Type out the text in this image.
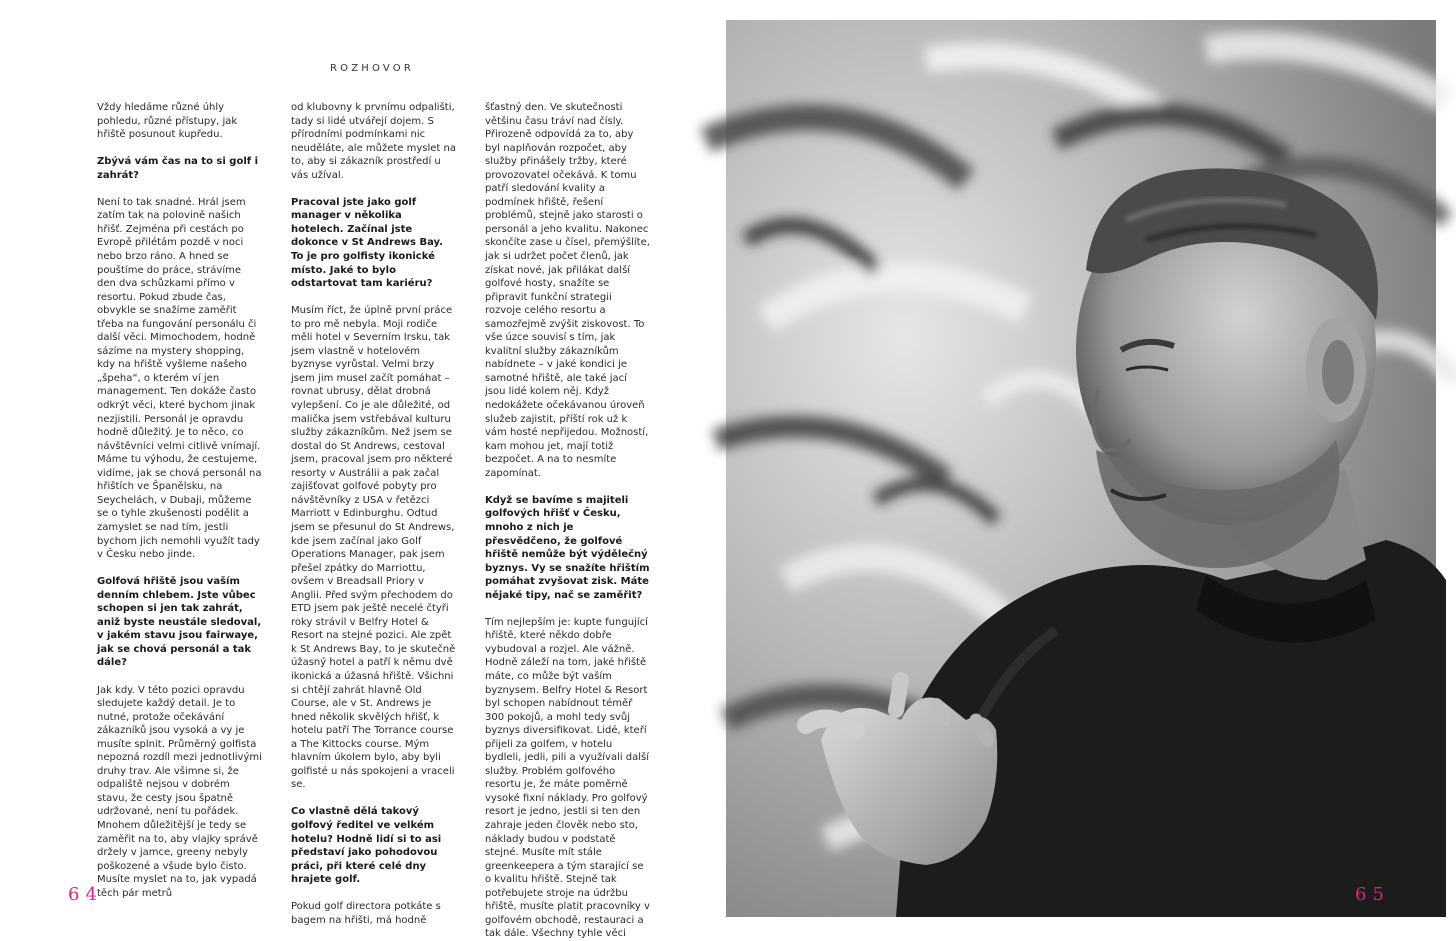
ROZHOVOR

Vždy hledáme různé úhly pohledu, různé přístupy, jak hřiště posunout kupředu.

Zbývá vám čas na to si golf i zahrát?

Není to tak snadné. Hrál jsem zatím tak na polovině našich hřišť. Zejména při cestách po Evropě přilétám pozdě v noci nebo brzo ráno. A hned se pouštíme do práce, strávíme den dva schůzkami přímo v resortu. Pokud zbude čas, obvykle se snažíme zaměřit třeba na fungování personálu či další věci. Mimochodem, hodně sázíme na mystery shopping, kdy na hřiště vyšleme našeho „špeha“, o kterém ví jen management. Ten dokáže často odkrýt věci, které bychom jinak nezjistili. Personál je opravdu hodně důležitý. Je to něco, co návštěvníci velmi citlivě vnímají. Máme tu výhodu, že cestujeme, vidíme, jak se chová personál na hřištích ve Španělsku, na Seychelách, v Dubaji, můžeme se o tyhle zkušenosti podělit a zamyslet se nad tím, jestli bychom jich nemohli využít tady v Česku nebo jinde.

Golfová hřiště jsou vaším denním chlebem. Jste vůbec schopen si jen tak zahrát, aniž byste neustále sledoval, v jakém stavu jsou fairwaye, jak se chová personál a tak dále?

Jak kdy. V této pozici opravdu sledujete každý detail. Je to nutné, protože očekávání zákazníků jsou vysoká a vy je musíte splnit. Průměrný golfista nepozná rozdíl mezi jednotlivými druhy trav. Ale všimne si, že odpaliště nejsou v dobrém stavu, že cesty jsou špatně udržované, není tu pořádek. Mnohem důležitější je tedy se zaměřit na to, aby vlajky správě držely v jamce, greeny nebyly poškozené a všude bylo čisto. Musíte myslet na to, jak vypadá těch pár metrů

od klubovny k prvnímu odpališti, tady si lidé utvářejí dojem. S přírodními podmínkami nic neuděláte, ale můžete myslet na to, aby si zákazník prostředí u vás užíval.

Pracoval jste jako golf manager v několika hotelech. Začínal jste dokonce v St Andrews Bay. To je pro golfisty ikonické místo. Jaké to bylo odstartovat tam kariéru?

Musím říct, že úplně první práce to pro mě nebyla. Moji rodiče měli hotel v Severním Irsku, tak jsem vlastně v hotelovém byznyse vyrůstal. Velmi brzy jsem jim musel začít pomáhat – rovnat ubrusy, dělat drobná vylepšení. Co je ale důležité, od malička jsem vstřebával kulturu služby zákazníkům. Než jsem se dostal do St Andrews, cestoval jsem, pracoval jsem pro některé resorty v Austrálii a pak začal zajišťovat golfové pobyty pro návštěvníky z USA v řetězci Marriott v Edinburghu. Odtud jsem se přesunul do St Andrews, kde jsem začínal jako Golf Operations Manager, pak jsem přešel zpátky do Marriottu, ovšem v Breadsall Priory v Anglii. Před svým přechodem do ETD jsem pak ještě necelé čtyři roky strávil v Belfry Hotel & Resort na stejné pozici. Ale zpět k St Andrews Bay, to je skutečně úžasný hotel a patří k němu dvě ikonická a úžasná hřiště. Všichni si chtějí zahrát hlavně Old Course, ale v St. Andrews je hned několik skvělých hřišť, k hotelu patří The Torrance course a The Kittocks course. Mým hlavním úkolem bylo, aby byli golfisté u nás spokojeni a vraceli se.

Co vlastně dělá takový golfový ředitel ve velkém hotelu? Hodně lidí si to asi představí jako pohodovou práci, při které celé dny hrajete golf.

Pokud golf directora potkáte s bagem na hřišti, má hodně

šťastný den. Ve skutečnosti většinu času tráví nad čísly. Přirozeně odpovídá za to, aby byl naplňován rozpočet, aby služby přinášely tržby, které provozovatel očekává. K tomu patří sledování kvality a podmínek hřiště, řešení problémů, stejně jako starosti o personál a jeho kvalitu. Nakonec skončíte zase u čísel, přemýšlíte, jak si udržet počet členů, jak získat nové, jak přilákat další golfové hosty, snažíte se připravit funkční strategii rozvoje celého resortu a samozřejmě zvýšit ziskovost. To vše úzce souvisí s tím, jak kvalitní služby zákazníkům nabídnete – v jaké kondici je samotné hřiště, ale také jací jsou lidé kolem něj. Když nedokážete očekávanou úroveň služeb zajistit, příští rok už k vám hosté nepřijedou. Možností, kam mohou jet, mají totiž bezpočet. A na to nesmíte zapomínat.

Když se bavíme s majiteli golfových hřišť v Česku, mnoho z nich je přesvědčeno, že golfové hřiště nemůže být výdělečný byznys. Vy se snažíte hřištím pomáhat zvyšovat zisk. Máte nějaké tipy, nač se zaměřit?

Tím nejlepším je: kupte fungující hřiště, které někdo dobře vybudoval a rozjel. Ale vážně. Hodně záleží na tom, jaké hřiště máte, co může být vaším byznysem. Belfry Hotel & Resort byl schopen nabídnout téměř 300 pokojů, a mohl tedy svůj byznys diversifikovat. Lidé, kteří přijeli za golfem, v hotelu bydleli, jedli, pili a využívali další služby. Problém golfového resortu je, že máte poměrně vysoké fixní náklady. Pro golfový resort je jedno, jestli si ten den zahraje jeden člověk nebo sto, náklady budou v podstatě stejné. Musíte mít stále greenkeepera a tým starající se o kvalitu hřiště. Stejně tak potřebujete stroje na údržbu hřiště, musíte platit pracovníky v golfovém obchodě, restauraci a tak dále. Všechny tyhle věci

64	65
